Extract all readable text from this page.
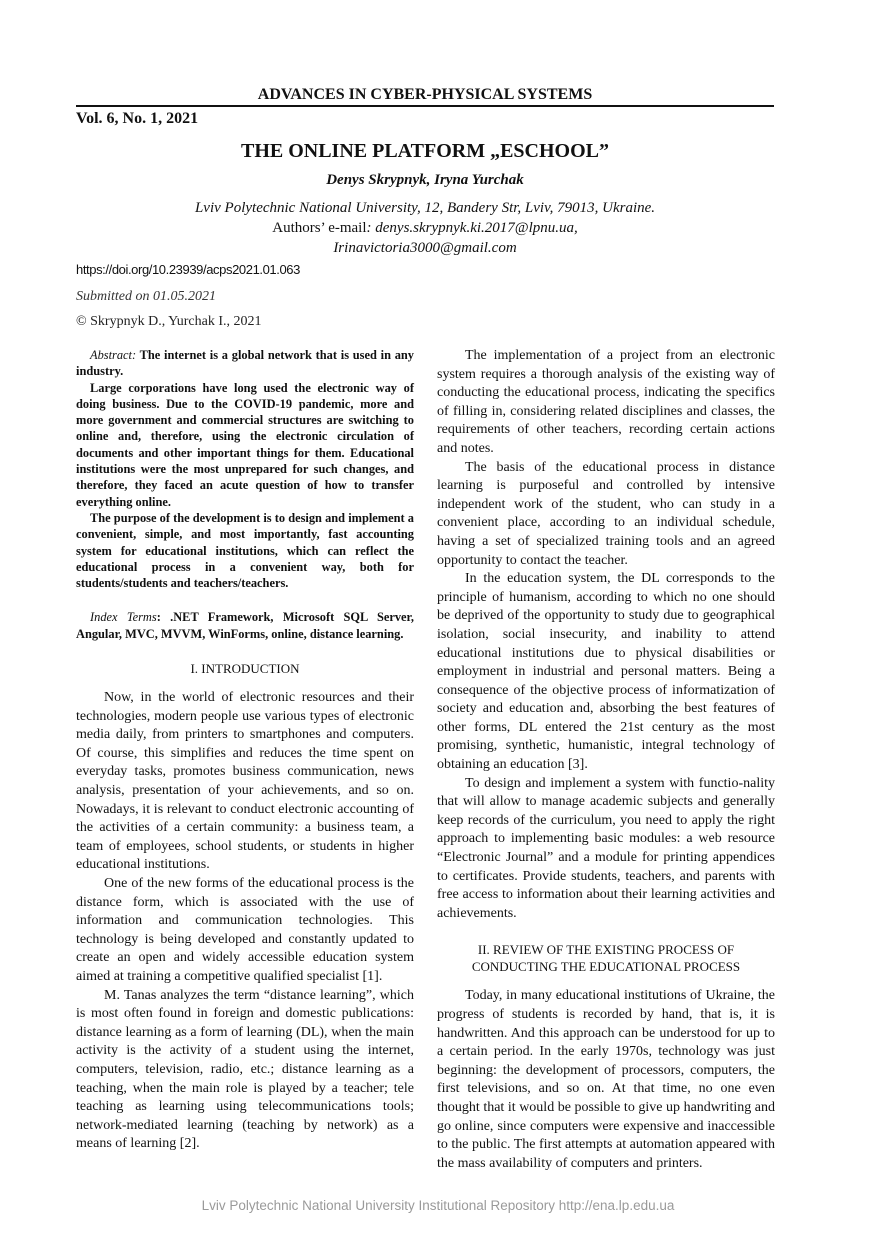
ADVANCES IN CYBER-PHYSICAL SYSTEMS
Vol. 6, No. 1, 2021
THE ONLINE PLATFORM „ESCHOOL”
Denys Skrypnyk, Iryna Yurchak
Lviv Polytechnic National University, 12, Bandery Str, Lviv, 79013, Ukraine.
Authors’ e-mail: denys.skrypnyk.ki.2017@lpnu.ua,
Irinavictoria3000@gmail.com
https://doi.org/10.23939/acps2021.01.063
Submitted on 01.05.2021
© Skrypnyk D., Yurchak I., 2021

Abstract: The internet is a global network that is used in any industry.

Large corporations have long used the electronic way of doing business. Due to the COVID-19 pandemic, more and more government and commercial structures are switching to online and, therefore, using the electronic circulation of documents and other important things for them. Educational institutions were the most unprepared for such changes, and therefore, they faced an acute question of how to transfer everything online.

The purpose of the development is to design and implement a convenient, simple, and most importantly, fast accounting system for educational institutions, which can reflect the educational process in a convenient way, both for students/students and teachers/teachers.

Index Terms: .NET Framework, Microsoft SQL Server, Angular, MVC, MVVM, WinForms, online, distance learning.

I. INTRODUCTION

Now, in the world of electronic resources and their technologies, modern people use various types of electronic media daily, from printers to smartphones and computers. Of course, this simplifies and reduces the time spent on everyday tasks, promotes business communication, news analysis, presentation of your achievements, and so on. Nowadays, it is relevant to conduct electronic accounting of the activities of a certain community: a business team, a team of employees, school students, or students in higher educational institutions.

One of the new forms of the educational process is the distance form, which is associated with the use of information and communication technologies. This technology is being developed and constantly updated to create an open and widely accessible education system aimed at training a competitive qualified specialist [1].

M. Tanas analyzes the term “distance learning”, which is most often found in foreign and domestic publications: distance learning as a form of learning (DL), when the main activity is the activity of a student using the internet, computers, television, radio, etc.; distance learning as a teaching, when the main role is played by a teacher; tele teaching as learning using telecommunications tools; network-mediated learning (teaching by network) as a means of learning [2].

The implementation of a project from an electronic system requires a thorough analysis of the existing way of conducting the educational process, indicating the specifics of filling in, considering related disciplines and classes, the requirements of other teachers, recording certain actions and notes.

The basis of the educational process in distance learning is purposeful and controlled by intensive independent work of the student, who can study in a convenient place, according to an individual schedule, having a set of specialized training tools and an agreed opportunity to contact the teacher.

In the education system, the DL corresponds to the principle of humanism, according to which no one should be deprived of the opportunity to study due to geographical isolation, social insecurity, and inability to attend educational institutions due to physical disabilities or employment in industrial and personal matters. Being a consequence of the objective process of informatization of society and education and, absorbing the best features of other forms, DL entered the 21st century as the most promising, synthetic, humanistic, integral technology of obtaining an education [3].

To design and implement a system with functio-nality that will allow to manage academic subjects and generally keep records of the curriculum, you need to apply the right approach to implementing basic modules: a web resource “Electronic Journal” and a module for printing appendices to certificates. Provide students, teachers, and parents with free access to information about their learning activities and achievements.

II. REVIEW OF THE EXISTING PROCESS OF
CONDUCTING THE EDUCATIONAL PROCESS

Today, in many educational institutions of Ukraine, the progress of students is recorded by hand, that is, it is handwritten. And this approach can be understood for up to a certain period. In the early 1970s, technology was just beginning: the development of processors, computers, the first televisions, and so on. At that time, no one even thought that it would be possible to give up handwriting and go online, since computers were expensive and inaccessible to the public. The first attempts at automation appeared with the mass availability of computers and printers.

Lviv Polytechnic National University Institutional Repository http://ena.lp.edu.ua
